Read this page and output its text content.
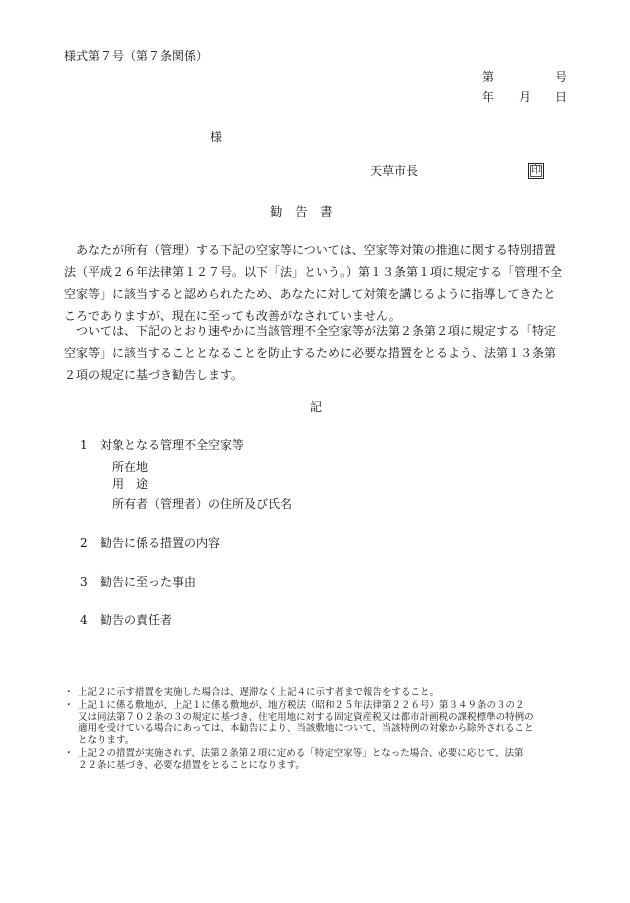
様式第７号（第７条関係）
第	号
年 月 日
様
天草市長	印
勧　告　書
　あなたが所有（管理）する下記の空家等については、空家等対策の推進に関する特別措置
法（平成２６年法律第１２７号。以下「法」という。）第１３条第１項に規定する「管理不全
空家等」に該当すると認められたため、あなたに対して対策を講じるように指導してきたと
ころでありますが、現在に至っても改善がなされていません。
　ついては、下記のとおり速やかに当該管理不全空家等が法第２条第２項に規定する「特定
空家等」に該当することとなることを防止するために必要な措置をとるよう、法第１３条第
２項の規定に基づき勧告します。
記
1 対象となる管理不全空家等
所在地
用　途
所有者（管理者）の住所及び氏名
2 勧告に係る措置の内容
3 勧告に至った事由
4 勧告の責任者
・ 上記２に示す措置を実施した場合は、遅滞なく上記４に示す者まで報告をすること。
・ 上記１に係る敷地が、上記１に係る敷地が、地方税法（昭和２５年法律第２２６号）第３４９条の３の２
又は同法第７０２条の３の規定に基づき、住宅用地に対する固定資産税又は都市計画税の課税標準の特例の
適用を受けている場合にあっては、本勧告により、当該敷地について、当該特例の対象から除外されること
となります。
・ 上記２の措置が実施されず、法第２条第２項に定める「特定空家等」となった場合、必要に応じて、法第
２２条に基づき、必要な措置をとることになります。
